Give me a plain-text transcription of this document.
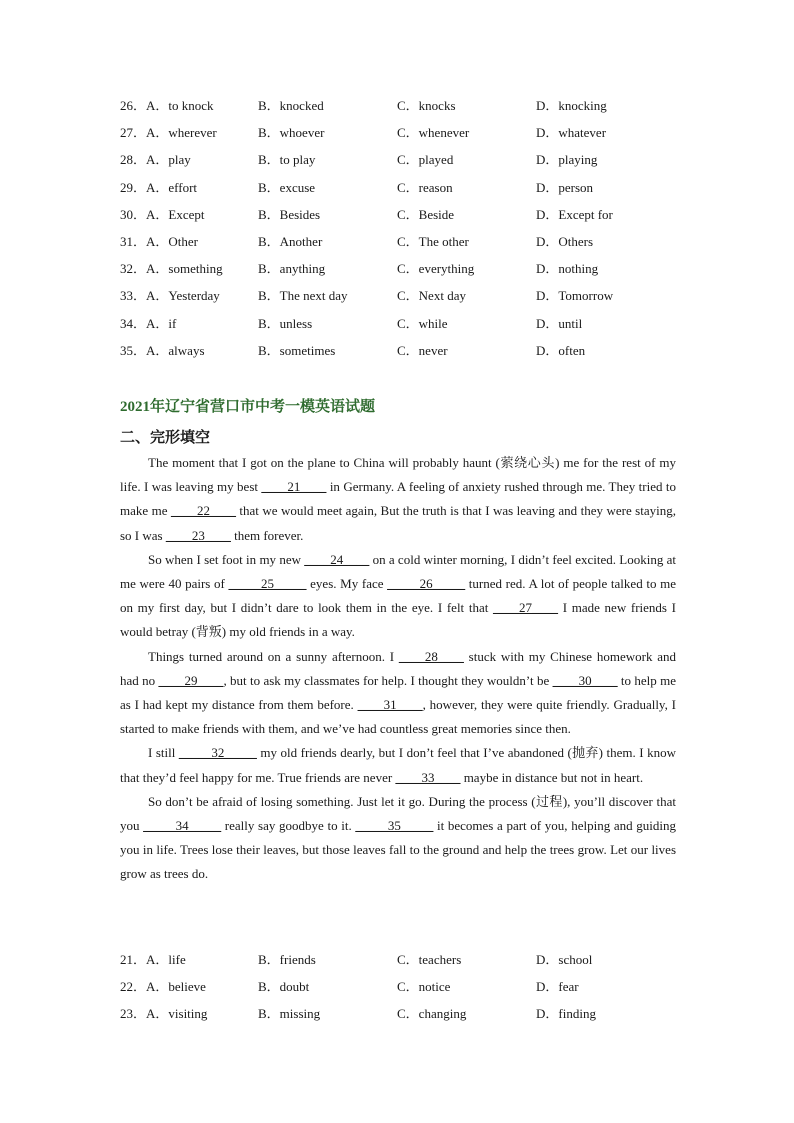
26．A．to knock	B．knocked	C．knocks	D．knocking
27．A．wherever	B．whoever	C．whenever	D．whatever
28．A．play	B．to play	C．played	D．playing
29．A．effort	B．excuse	C．reason	D．person
30．A．Except	B．Besides	C．Beside	D．Except for
31．A．Other	B．Another	C．The other	D．Others
32．A．something	B．anything	C．everything	D．nothing
33．A．Yesterday	B．The next day	C．Next day	D．Tomorrow
34．A．if	B．unless	C．while	D．until
35．A．always	B．sometimes	C．never	D．often
2021年辽宁省营口市中考一模英语试题
二、完形填空

The moment that I got on the plane to China will probably haunt (萦绕心头) me for the rest of my life. I was leaving my best ____21____ in Germany. A feeling of anxiety rushed through me. They tried to make me ____22____ that we would meet again, But the truth is that I was leaving and they were staying, so I was ____23____ them forever.

So when I set foot in my new ____24____ on a cold winter morning, I didn’t feel excited. Looking at me were 40 pairs of _____25_____ eyes. My face _____26_____ turned red. A lot of people talked to me on my first day, but I didn’t dare to look them in the eye. I felt that ____27____ I made new friends I would betray (背叛) my old friends in a way.

Things turned around on a sunny afternoon. I ____28____ stuck with my Chinese homework and had no ____29____, but to ask my classmates for help. I thought they wouldn’t be ____30____ to help me as I had kept my distance from them before. ____31____, however, they were quite friendly. Gradually, I started to make friends with them, and we’ve had countless great memories since then.

I still _____32_____ my old friends dearly, but I don’t feel that I’ve abandoned (抛弃) them. I know that they’d feel happy for me. True friends are never ____33____ maybe in distance but not in heart.

So don’t be afraid of losing something. Just let it go. During the process (过程), you’ll discover that you _____34_____ really say goodbye to it. _____35_____ it becomes a part of you, helping and guiding you in life. Trees lose their leaves, but those leaves fall to the ground and help the trees grow. Let our lives grow as trees do.

21．A．life	B．friends	C．teachers	D．school
22．A．believe	B．doubt	C．notice	D．fear
23．A．visiting	B．missing	C．changing	D．finding
